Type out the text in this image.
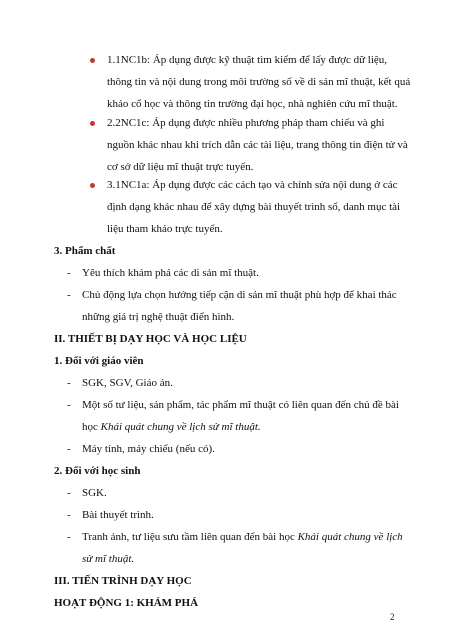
1.1NC1b: Áp dụng được kỹ thuật tìm kiếm để lấy được dữ liệu,
thông tin và nội dung trong môi trường số về di sản mĩ thuật, kết quả
khảo cổ học và thông tin trường đại học, nhà nghiên cứu mĩ thuật.
2.2NC1c: Áp dụng được nhiều phương pháp tham chiếu và ghi
nguồn khác nhau khi trích dẫn các tài liệu, trang thông tin điện tử và
cơ sở dữ liệu mĩ thuật trực tuyến.
3.1NC1a: Áp dụng được các cách tạo và chỉnh sửa nội dung ở các
định dạng khác nhau để xây dựng bài thuyết trình số, danh mục tài
liệu tham khảo trực tuyến.
3. Phẩm chất
- Yêu thích khám phá các di sản mĩ thuật.
- Chủ động lựa chọn hướng tiếp cận di sản mĩ thuật phù hợp để khai thác
những giá trị nghệ thuật điển hình.
II. THIẾT BỊ DẠY HỌC VÀ HỌC LIỆU
1. Đối với giáo viên
- SGK, SGV, Giáo án.
- Một số tư liệu, sản phẩm, tác phẩm mĩ thuật có liên quan đến chủ đề bài
học Khái quát chung về lịch sử mĩ thuật.
- Máy tính, máy chiếu (nếu có).
2. Đối với học sinh
- SGK.
- Bài thuyết trình.
- Tranh ảnh, tư liệu sưu tầm liên quan đến bài học Khái quát chung về lịch
sử mĩ thuật.
III. TIẾN TRÌNH DẠY HỌC
HOẠT ĐỘNG 1: KHÁM PHÁ
2
